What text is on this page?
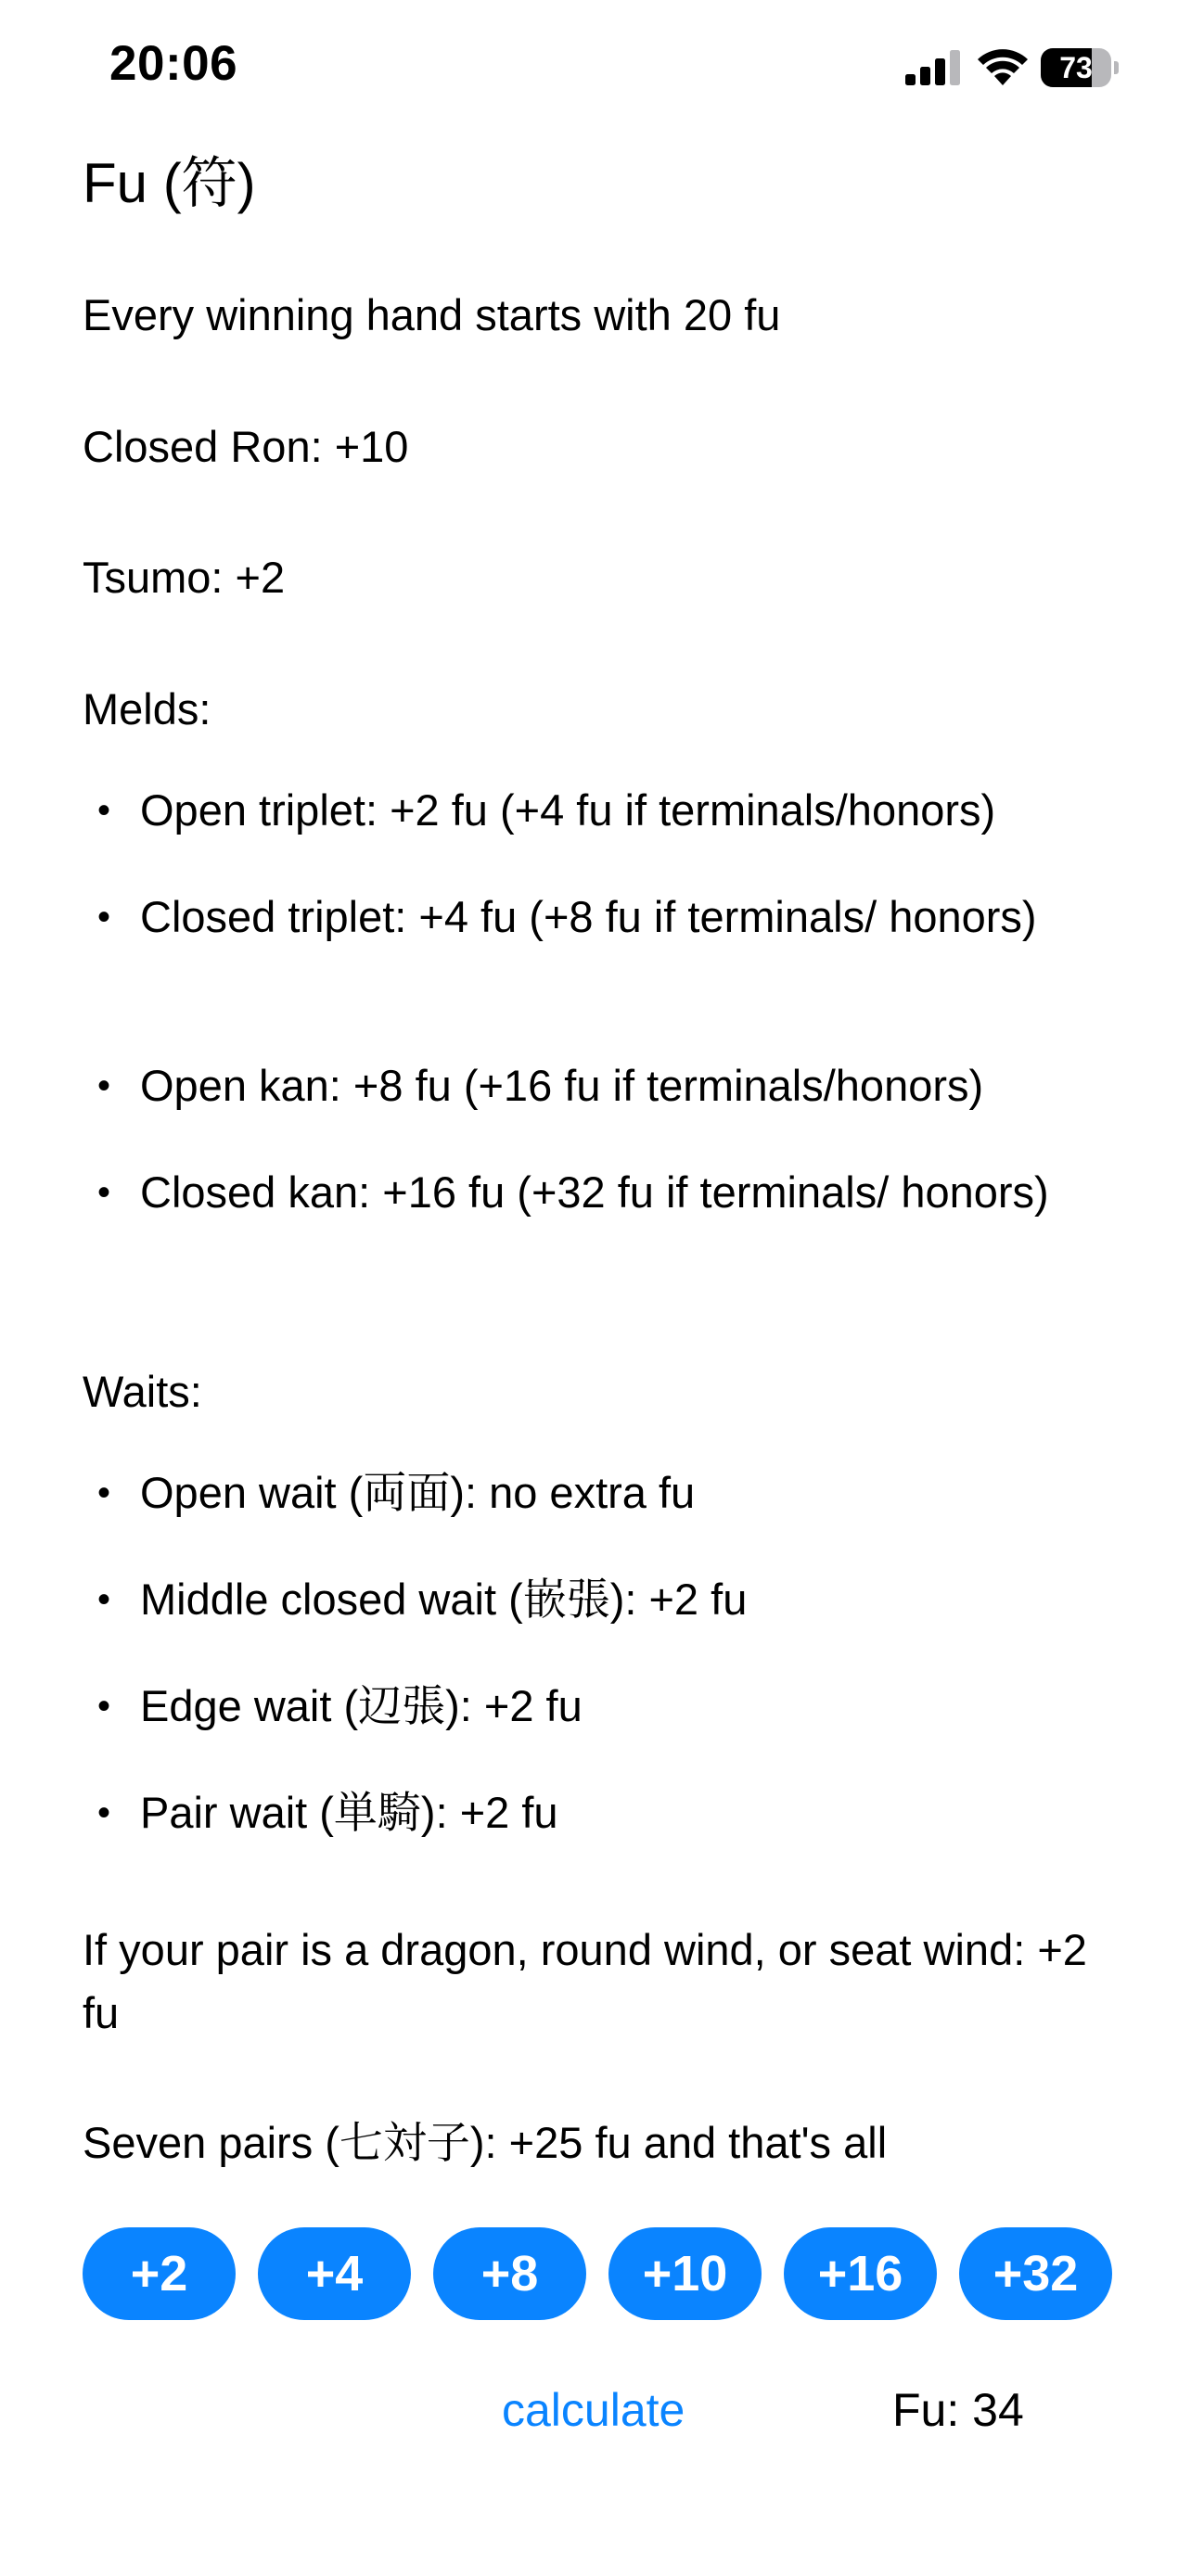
20:06	73
Fu (符)
Every winning hand starts with 20 fu
Closed Ron: +10
Tsumo: +2
Melds:
• Open triplet: +2 fu (+4 fu if terminals/honors)
• Closed triplet: +4 fu (+8 fu if terminals/ honors)
• Open kan: +8 fu (+16 fu if terminals/honors)
• Closed kan: +16 fu (+32 fu if terminals/ honors)
Waits:
• Open wait (両面): no extra fu
• Middle closed wait (嵌張): +2 fu
• Edge wait (辺張): +2 fu
• Pair wait (単騎): +2 fu
If your pair is a dragon, round wind, or seat wind: +2 fu
Seven pairs (七対子): +25 fu and that's all
+2	+4	+8	+10	+16	+32
calculate	Fu: 34
